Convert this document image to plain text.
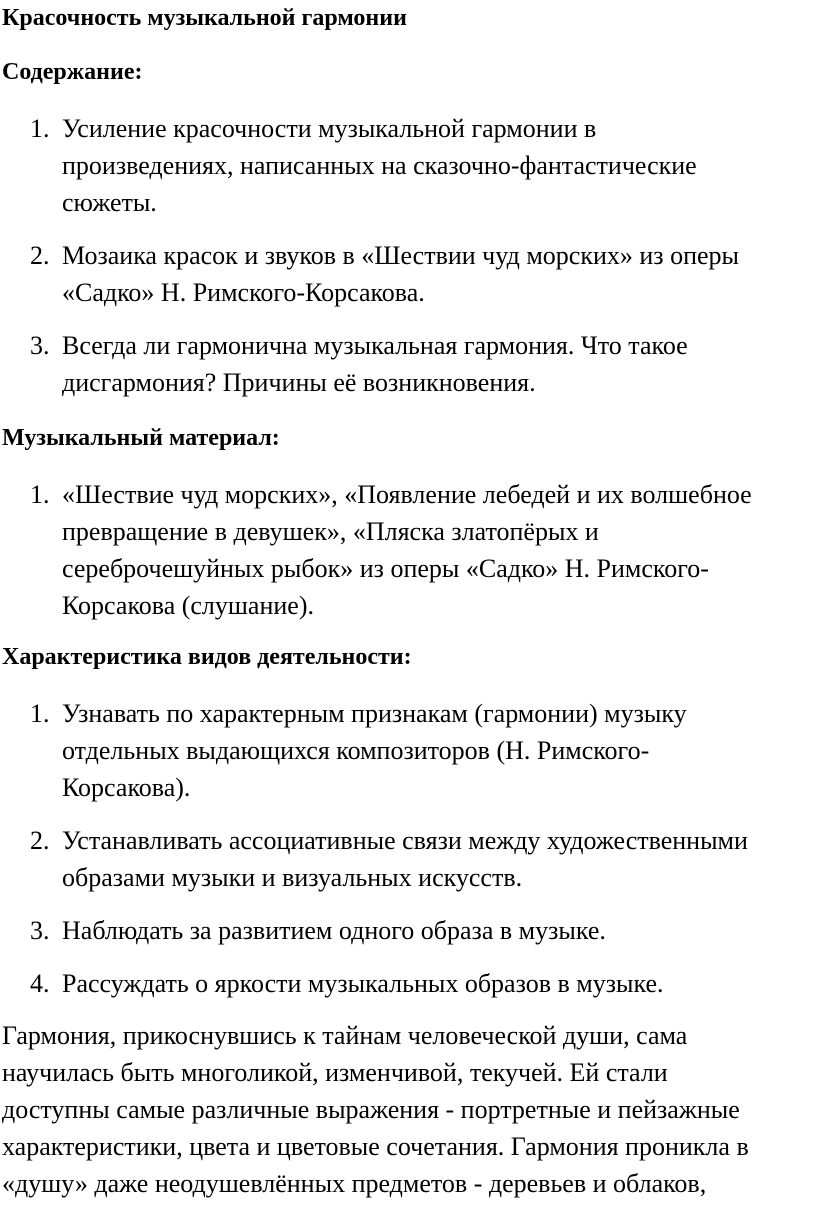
Красочность музыкальной гармонии
Содержание:
1. Усиление красочности музыкальной гармонии в
произведениях, написанных на сказочно-фантастические
сюжеты.
2. Мозаика красок и звуков в «Шествии чуд морских» из оперы
«Садко» Н. Римского-Корсакова.
3. Всегда ли гармонична музыкальная гармония. Что такое
дисгармония? Причины её возникновения.
Музыкальный материал:
1. «Шествие чуд морских», «Появление лебедей и их волшебное
превращение в девушек», «Пляска златопёрых и
сереброчешуйных рыбок» из оперы «Садко» Н. Римского-
Корсакова (слушание).
Характеристика видов деятельности:
1. Узнавать по характерным признакам (гармонии) музыку
отдельных выдающихся композиторов (Н. Римского-
Корсакова).
2. Устанавливать ассоциативные связи между художественными
образами музыки и визуальных искусств.
3. Наблюдать за развитием одного образа в музыке.
4. Рассуждать о яркости музыкальных образов в музыке.

Гармония, прикоснувшись к тайнам человеческой души, сама
научилась быть многоликой, изменчивой, текучей. Ей стали
доступны самые различные выражения - портретные и пейзажные
характеристики, цвета и цветовые сочетания. Гармония проникла в
«душу» даже неодушевлённых предметов - деревьев и облаков,
